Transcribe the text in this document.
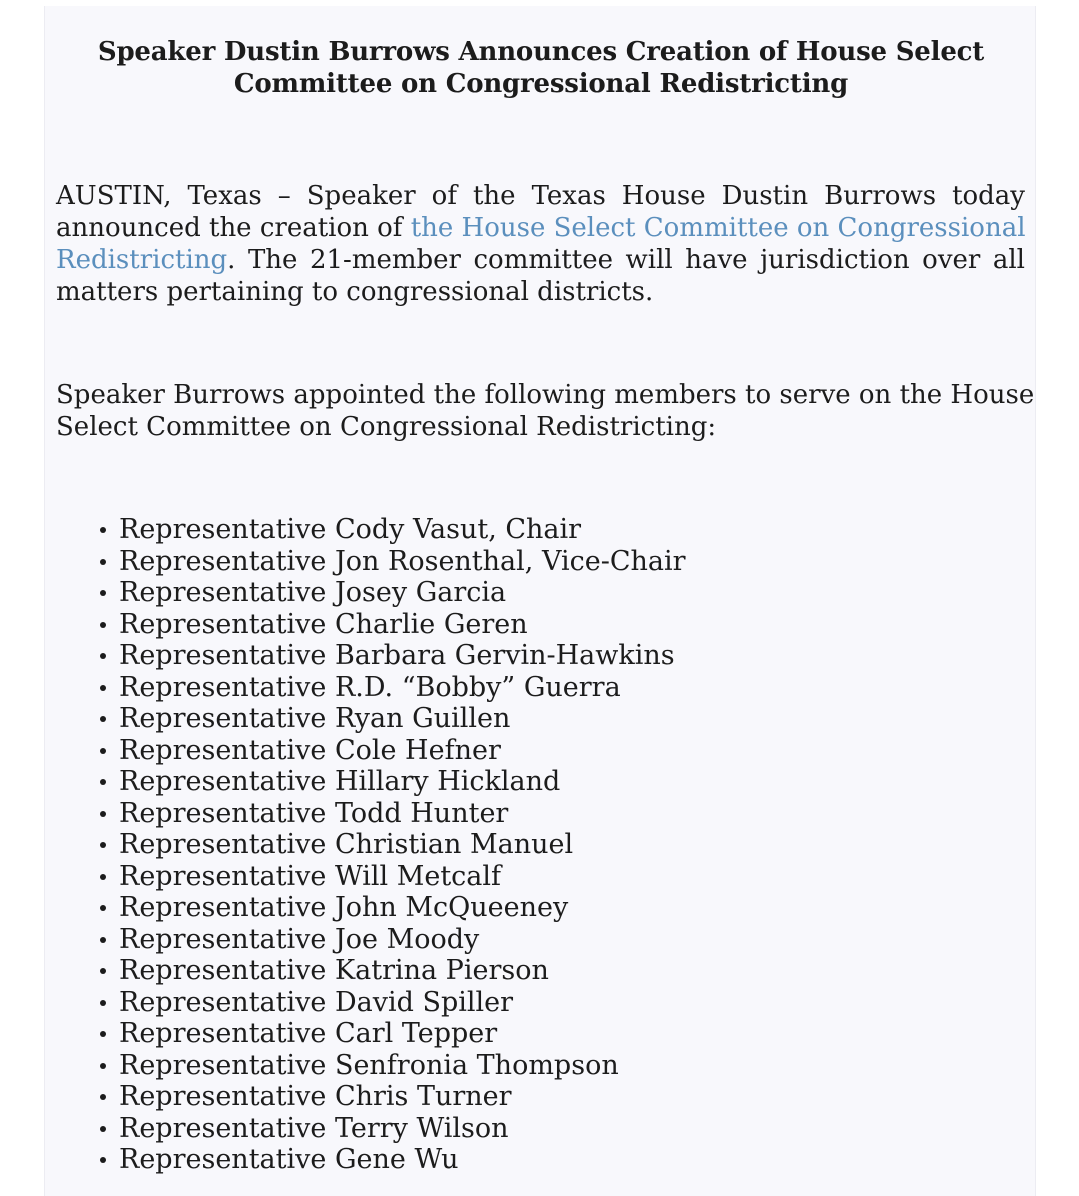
Speaker Dustin Burrows Announces Creation of House Select
Committee on Congressional Redistricting

AUSTIN, Texas – Speaker of the Texas House Dustin Burrows today
announced the creation of the House Select Committee on Congressional
Redistricting. The 21-member committee will have jurisdiction over all
matters pertaining to congressional districts.

Speaker Burrows appointed the following members to serve on the House
Select Committee on Congressional Redistricting:

Representative Cody Vasut, Chair
Representative Jon Rosenthal, Vice-Chair
Representative Josey Garcia
Representative Charlie Geren
Representative Barbara Gervin-Hawkins
Representative R.D. “Bobby” Guerra
Representative Ryan Guillen
Representative Cole Hefner
Representative Hillary Hickland
Representative Todd Hunter
Representative Christian Manuel
Representative Will Metcalf
Representative John McQueeney
Representative Joe Moody
Representative Katrina Pierson
Representative David Spiller
Representative Carl Tepper
Representative Senfronia Thompson
Representative Chris Turner
Representative Terry Wilson
Representative Gene Wu
